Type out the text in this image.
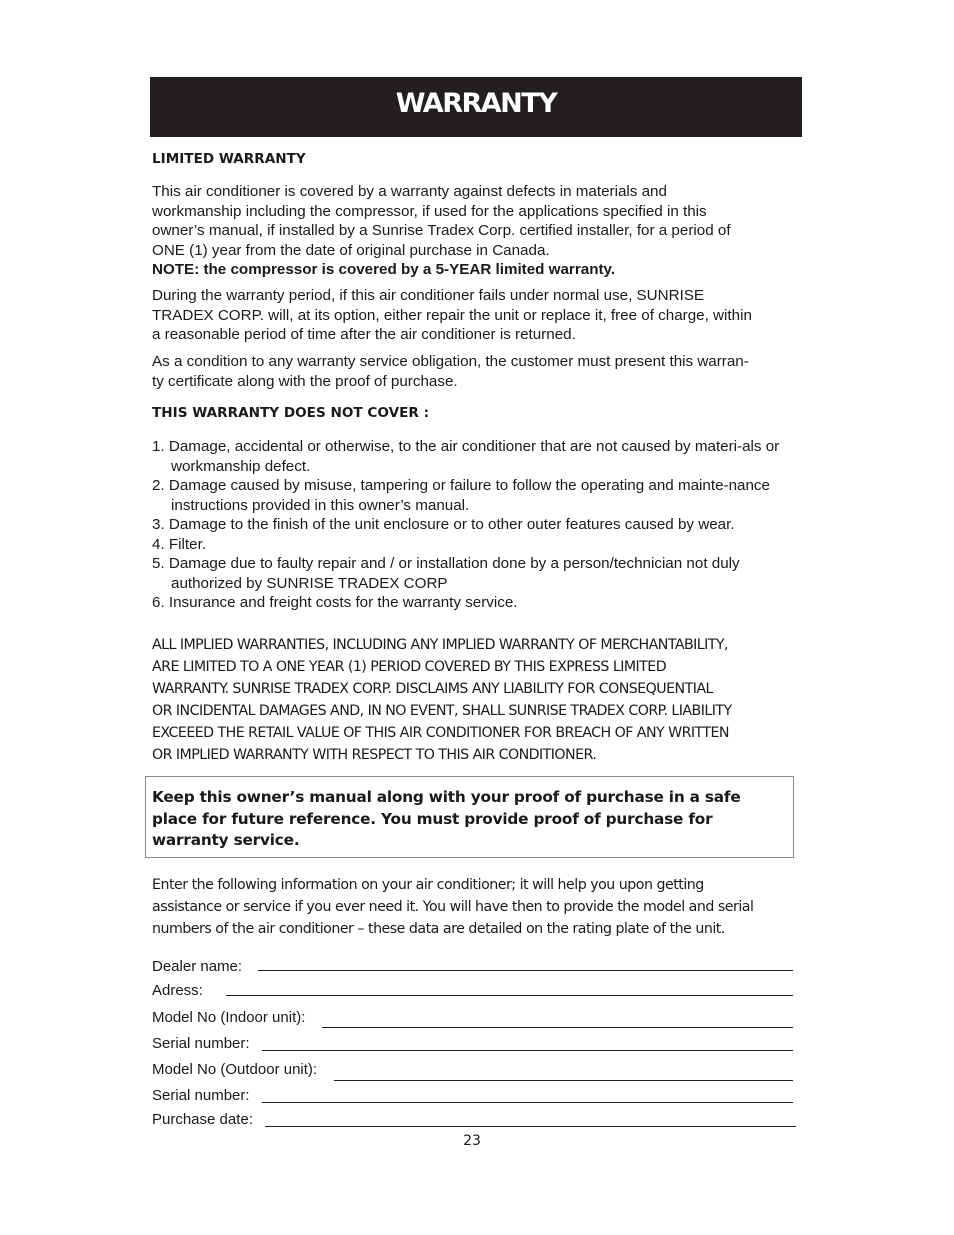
WARRANTY
LIMITED WARRANTY
This air conditioner is covered by a warranty against defects in materials and
workmanship including the compressor, if used for the applications specified in this
owner’s manual, if installed by a Sunrise Tradex Corp. certified installer, for a period of
ONE (1) year from the date of original purchase in Canada.
NOTE: the compressor is covered by a 5-YEAR limited warranty.
During the warranty period, if this air conditioner fails under normal use, SUNRISE
TRADEX CORP. will, at its option, either repair the unit or replace it, free of charge, within
a reasonable period of time after the air conditioner is returned.
As a condition to any warranty service obligation, the customer must present this warran-
ty certificate along with the proof of purchase.
THIS WARRANTY DOES NOT COVER :
1. Damage, accidental or otherwise, to the air conditioner that are not caused by materi-als or workmanship defect.
2. Damage caused by misuse, tampering or failure to follow the operating and mainte-nance instructions provided in this owner’s manual.
3. Damage to the finish of the unit enclosure or to other outer features caused by wear.
4. Filter.
5. Damage due to faulty repair and / or installation done by a person/technician not duly authorized by SUNRISE TRADEX CORP
6. Insurance and freight costs for the warranty service.
ALL IMPLIED WARRANTIES, INCLUDING ANY IMPLIED WARRANTY OF MERCHANTABILITY,
ARE LIMITED TO A ONE YEAR (1) PERIOD COVERED BY THIS EXPRESS LIMITED
WARRANTY. SUNRISE TRADEX CORP. DISCLAIMS ANY LIABILITY FOR CONSEQUENTIAL
OR INCIDENTAL DAMAGES AND, IN NO EVENT, SHALL SUNRISE TRADEX CORP. LIABILITY
EXCEEED THE RETAIL VALUE OF THIS AIR CONDITIONER FOR BREACH OF ANY WRITTEN
OR IMPLIED WARRANTY WITH RESPECT TO THIS AIR CONDITIONER.

Keep this owner’s manual along with your proof of purchase in a safe
place for future reference. You must provide proof of purchase for
warranty service.

Enter the following information on your air conditioner; it will help you upon getting
assistance or service if you ever need it. You will have then to provide the model and serial
numbers of the air conditioner – these data are detailed on the rating plate of the unit.
Dealer name:
Adress:
Model No (Indoor unit):
Serial number:
Model No (Outdoor unit):
Serial number:
Purchase date:
23
